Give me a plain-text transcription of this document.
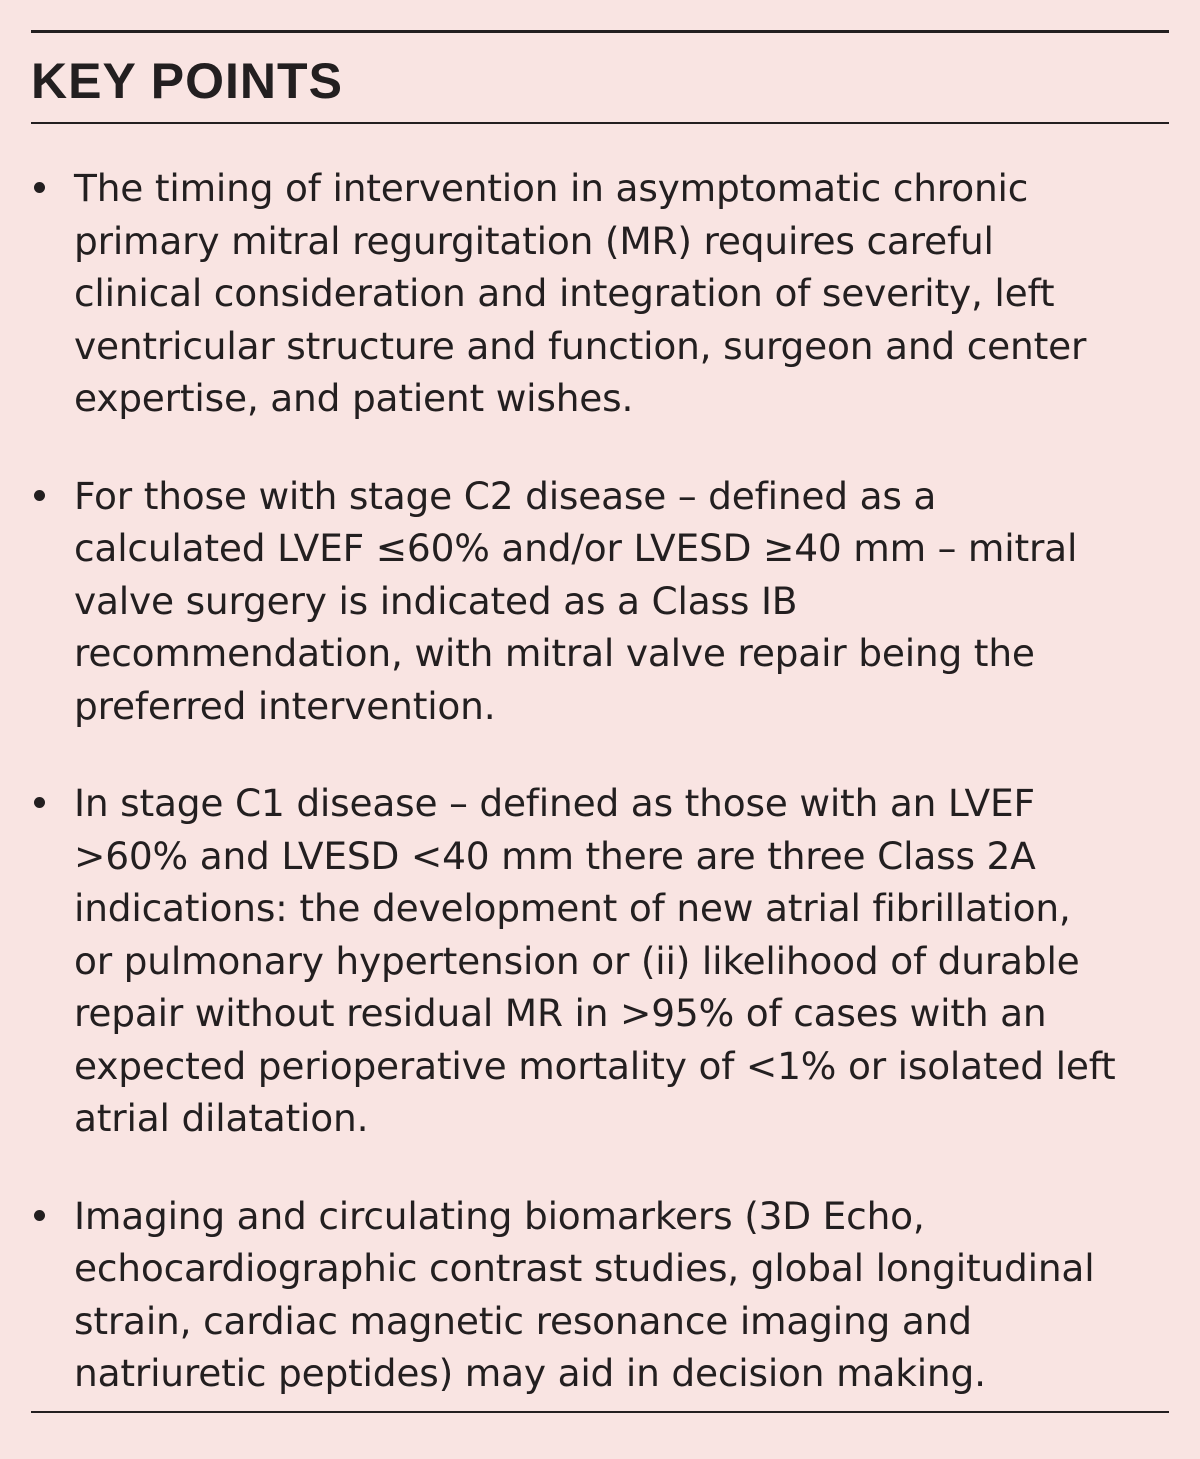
KEY POINTS
The timing of intervention in asymptomatic chronic
primary mitral regurgitation (MR) requires careful
clinical consideration and integration of severity, left
ventricular structure and function, surgeon and center
expertise, and patient wishes.
For those with stage C2 disease – defined as a
calculated LVEF ≤60% and/or LVESD ≥40 mm – mitral
valve surgery is indicated as a Class IB
recommendation, with mitral valve repair being the
preferred intervention.
In stage C1 disease – defined as those with an LVEF
>60% and LVESD <40 mm there are three Class 2A
indications: the development of new atrial fibrillation,
or pulmonary hypertension or (ii) likelihood of durable
repair without residual MR in >95% of cases with an
expected perioperative mortality of <1% or isolated left
atrial dilatation.
Imaging and circulating biomarkers (3D Echo,
echocardiographic contrast studies, global longitudinal
strain, cardiac magnetic resonance imaging and
natriuretic peptides) may aid in decision making.
